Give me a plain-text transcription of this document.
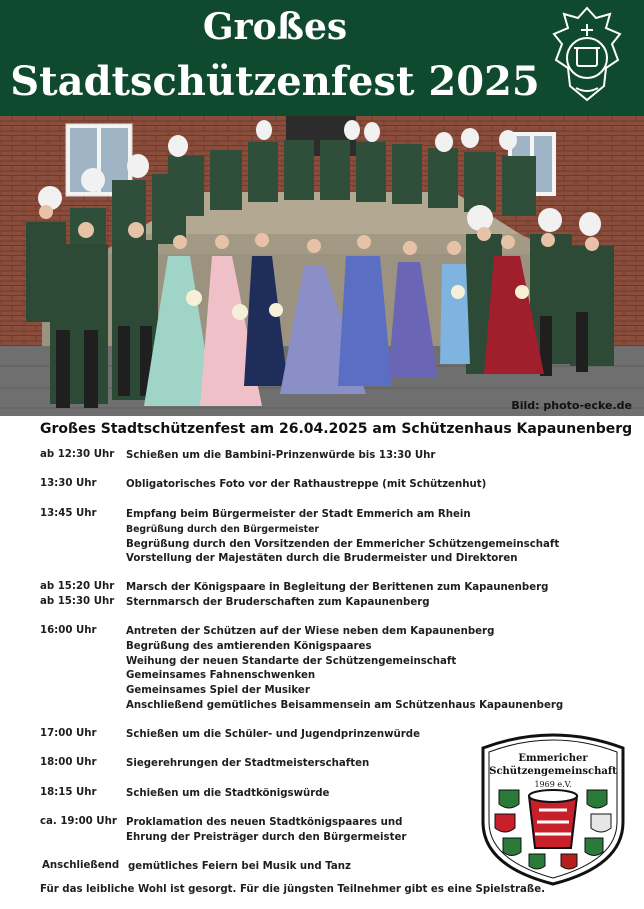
Großes
Stadtschützenfest 2025
Bild: photo-ecke.de
Großes Stadtschützenfest am 26.04.2025 am Schützenhaus Kapaunenberg
ab 12:30 Uhr Schießen um die Bambini-Prinzenwürde bis 13:30 Uhr
13:30 Uhr	Obligatorisches Foto vor der Rathaustreppe (mit Schützenhut)
13:45 Uhr	Empfang beim Bürgermeister der Stadt Emmerich am Rhein
Begrüßung durch den Bürgermeister
Begrüßung durch den Vorsitzenden der Emmericher Schützengemeinschaft
Vorstellung der Majestäten durch die Brudermeister und Direktoren
ab 15:20 Uhr Marsch der Königspaare in Begleitung der Berittenen zum Kapaunenberg
ab 15:30 Uhr Sternmarsch der Bruderschaften zum Kapaunenberg
16:00 Uhr	Antreten der Schützen auf der Wiese neben dem Kapaunenberg
Begrüßung des amtierenden Königspaares
Weihung der neuen Standarte der Schützengemeinschaft
Gemeinsames Fahnenschwenken
Gemeinsames Spiel der Musiker
Anschließend gemütliches Beisammensein am Schützenhaus Kapaunenberg
17:00 Uhr	Schießen um die Schüler- und Jugendprinzenwürde
18:00 Uhr	Siegerehrungen der Stadtmeisterschaften
18:15 Uhr	Schießen um die Stadtkönigswürde
ca. 19:00 Uhr Proklamation des neuen Stadtkönigspaares und
Ehrung der Preisträger durch den Bürgermeister
Anschließend gemütliches Feiern bei Musik und Tanz
Für das leibliche Wohl ist gesorgt. Für die jüngsten Teilnehmer gibt es eine Spielstraße.
Emmericher
Schützengemeinschaft
1969 e.V.
